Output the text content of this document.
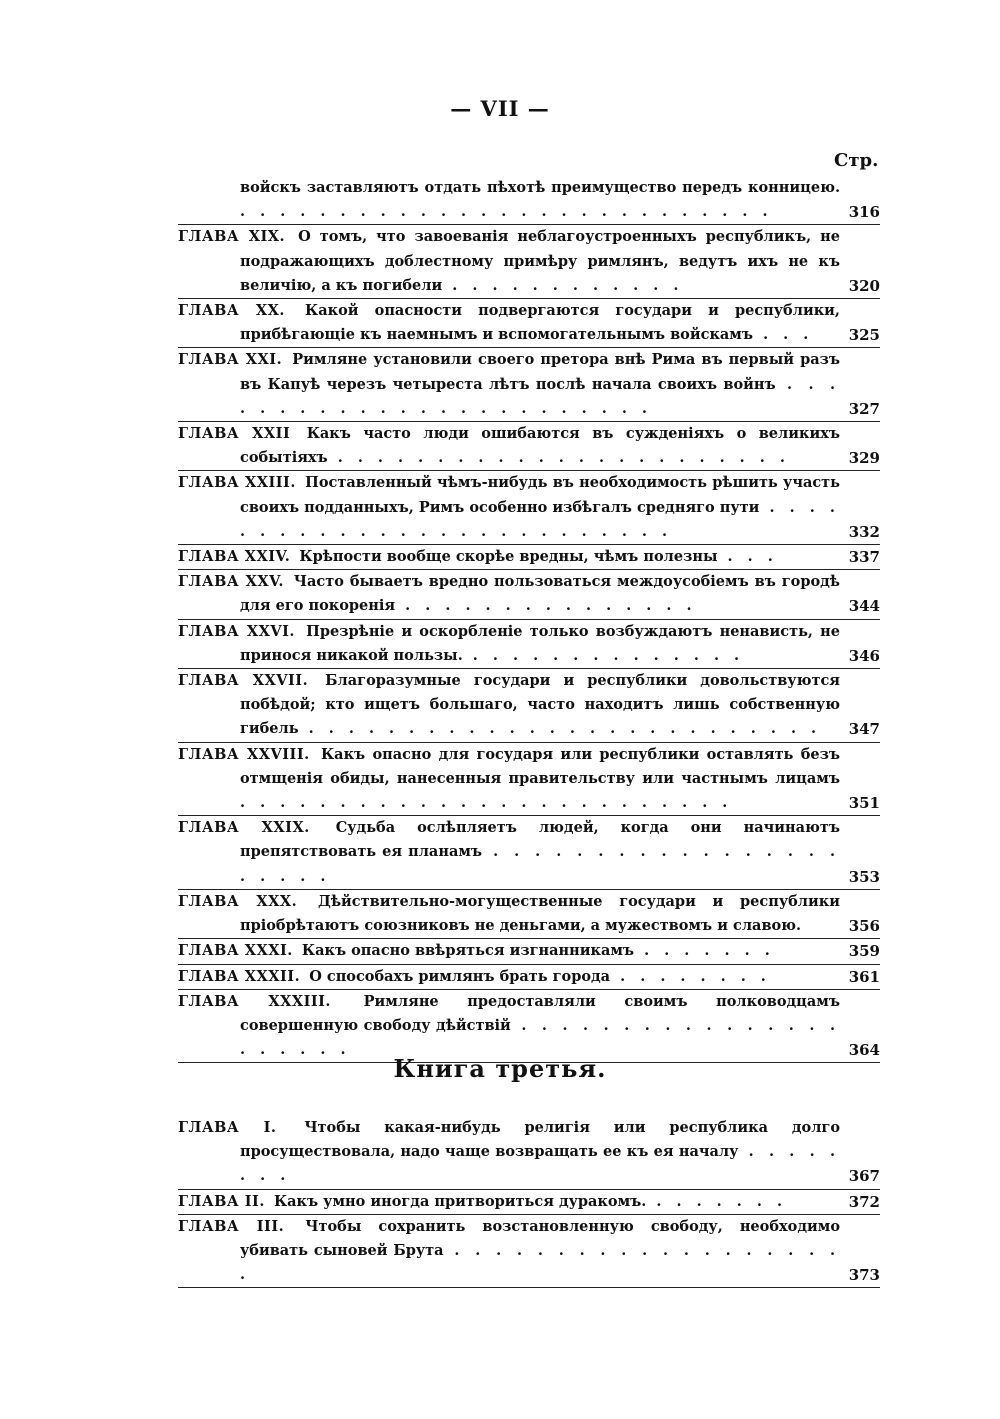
— VII —
Стр.
войскъ заставляютъ отдать пѣхотѣ преимущество передъ конницею. . . . . . . . . . . . . . . . . . . . . . . . . . . .	316
ГЛАВА XIX. О томъ, что завоеванія неблагоустроенныхъ республикъ, не подражающихъ доблестному примѣру римлянъ, ведутъ ихъ не къ величію, а къ погибели . . . . . . . . . . . .	320
ГЛАВА XX. Какой опасности подвергаются государи и республики, прибѣгающіе къ наемнымъ и вспомогательнымъ войскамъ . . .	325
ГЛАВА XXI. Римляне установили своего претора внѣ Рима въ первый разъ въ Капуѣ черезъ четыреста лѣтъ послѣ начала своихъ войнъ . . . . . . . . . . . . . . . . . . . . . . . .	327
ГЛАВА XXII Какъ часто люди ошибаются въ сужденіяхъ о великихъ событіяхъ . . . . . . . . . . . . . . . . . . . . . . .	329
ГЛАВА XXIII. Поставленный чѣмъ-нибудь въ необходимость рѣшить участь своихъ подданныхъ, Римъ особенно избѣгалъ средняго пути . . . . . . . . . . . . . . . . . . . . . . . . . .	332
ГЛАВА XXIV. Крѣпости вообще скорѣе вредны, чѣмъ полезны . . .	337
ГЛАВА XXV. Часто бываетъ вредно пользоваться междоусобіемъ въ городѣ для его покоренія . . . . . . . . . . . . . . .	344
ГЛАВА XXVI. Презрѣніе и оскорбленіе только возбуждаютъ ненависть, не принося никакой пользы. . . . . . . . . . . . . . .	346
ГЛАВА XXVII. Благоразумные государи и республики довольствуются побѣдой; кто ищетъ большаго, часто находитъ лишь собственную гибель . . . . . . . . . . . . . . . . . . . . . . . . . .	347
ГЛАВА XXVIII. Какъ опасно для государя или республики оставлять безъ отмщенія обиды, нанесенныя правительству или частнымъ лицамъ . . . . . . . . . . . . . . . . . . . . . . . . .	351
ГЛАВА XXIX. Судьба ослѣпляетъ людей, когда они начинаютъ препятствовать ея планамъ . . . . . . . . . . . . . . . . . . . . . .	353
ГЛАВА XXX. Дѣйствительно-могущественные государи и республики пріобрѣтаютъ союзниковъ не деньгами, а мужествомъ и славою.	356
ГЛАВА XXXI. Какъ опасно ввѣряться изгнанникамъ . . . . . . .	359
ГЛАВА XXXII. О способахъ римлянъ брать города . . . . . . . .	361
ГЛАВА XXXIII. Римляне предоставляли своимъ полководцамъ совершенную свободу дѣйствій . . . . . . . . . . . . . . . . . . . . . .	364
Книга третья.
ГЛАВА I. Чтобы какая-нибудь религія или республика долго просуществовала, надо чаще возвращать ее къ ея началу . . . . . . . .	367
ГЛАВА II. Какъ умно иногда притвориться дуракомъ. . . . . . . .	372
ГЛАВА III. Чтобы сохранить возстановленную свободу, необходимо убивать сыновей Брута . . . . . . . . . . . . . . . . . . . .	373
